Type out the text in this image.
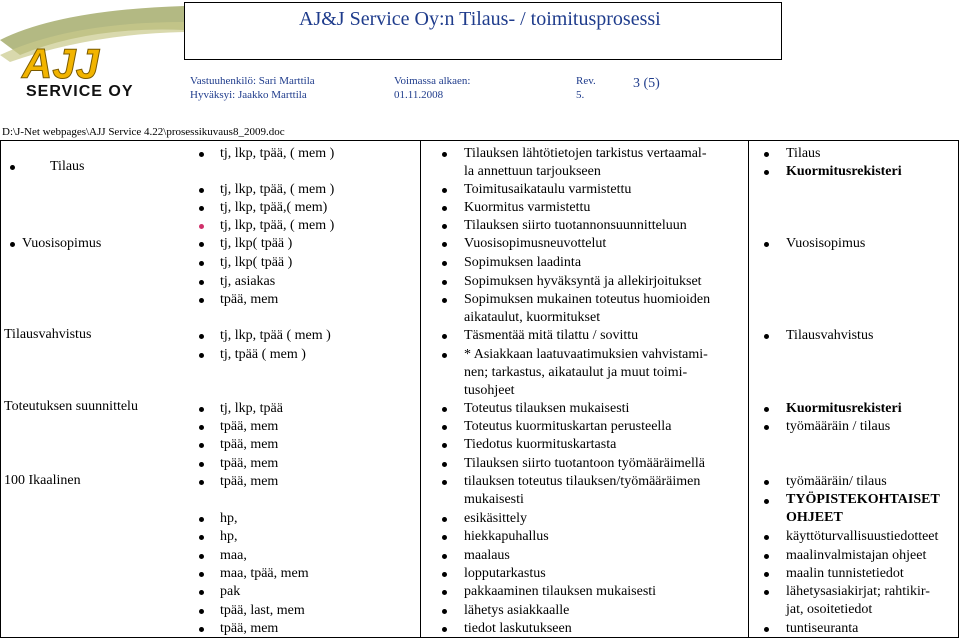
AJJ
SERVICE OY
AJ&J Service Oy:n Tilaus- / toimitusprosessi
Vastuuhenkilö: Sari Marttila
Hyväksyi: Jaakko Marttila
Voimassa alkaen:
01.11.2008
Rev.
5.
3 (5)
D:\J-Net webpages\AJJ Service 4.22\prosessikuvaus8_2009.doc
Tilaus
Vuosisopimus
Tilausvahvistus
Toteutuksen suunnittelu
100 Ikaalinen
tj, lkp, tpää, ( mem )
tj, lkp, tpää, ( mem )
tj, lkp, tpää,( mem)
tj, lkp, tpää, ( mem )
tj, lkp( tpää )
tj, lkp( tpää )
tj, asiakas
tpää, mem
tj, lkp, tpää ( mem )
tj, tpää ( mem )
tj, lkp, tpää
tpää, mem
tpää, mem
tpää, mem
tpää, mem
hp,
hp,
maa,
maa, tpää, mem
pak
tpää, last, mem
tpää, mem
Tilauksen lähtötietojen tarkistus vertaamal-
la annettuun tarjoukseen
Toimitusaikataulu varmistettu
Kuormitus varmistettu
Tilauksen siirto tuotannonsuunnitteluun
Vuosisopimusneuvottelut
Sopimuksen laadinta
Sopimuksen hyväksyntä ja allekirjoitukset
Sopimuksen mukainen toteutus huomioiden
aikataulut, kuormitukset
Täsmentää mitä tilattu / sovittu
* Asiakkaan laatuvaatimuksien vahvistami-
nen; tarkastus, aikataulut ja muut toimi-
tusohjeet
Toteutus tilauksen mukaisesti
Toteutus kuormituskartan perusteella
Tiedotus kuormituskartasta
Tilauksen siirto tuotantoon työmääräimellä
tilauksen toteutus tilauksen/työmääräimen
mukaisesti
esikäsittely
hiekkapuhallus
maalaus
lopputarkastus
pakkaaminen tilauksen mukaisesti
lähetys asiakkaalle
tiedot laskutukseen
Tilaus
Kuormitusrekisteri
Vuosisopimus
Tilausvahvistus
Kuormitusrekisteri
työmääräin / tilaus
työmääräin/ tilaus
TYÖPISTEKOHTAISET
OHJEET
käyttöturvallisuustiedotteet
maalinvalmistajan ohjeet
maalin tunnistetiedot
lähetysasiakirjat; rahtikir-
jat, osoitetiedot
tuntiseuranta
